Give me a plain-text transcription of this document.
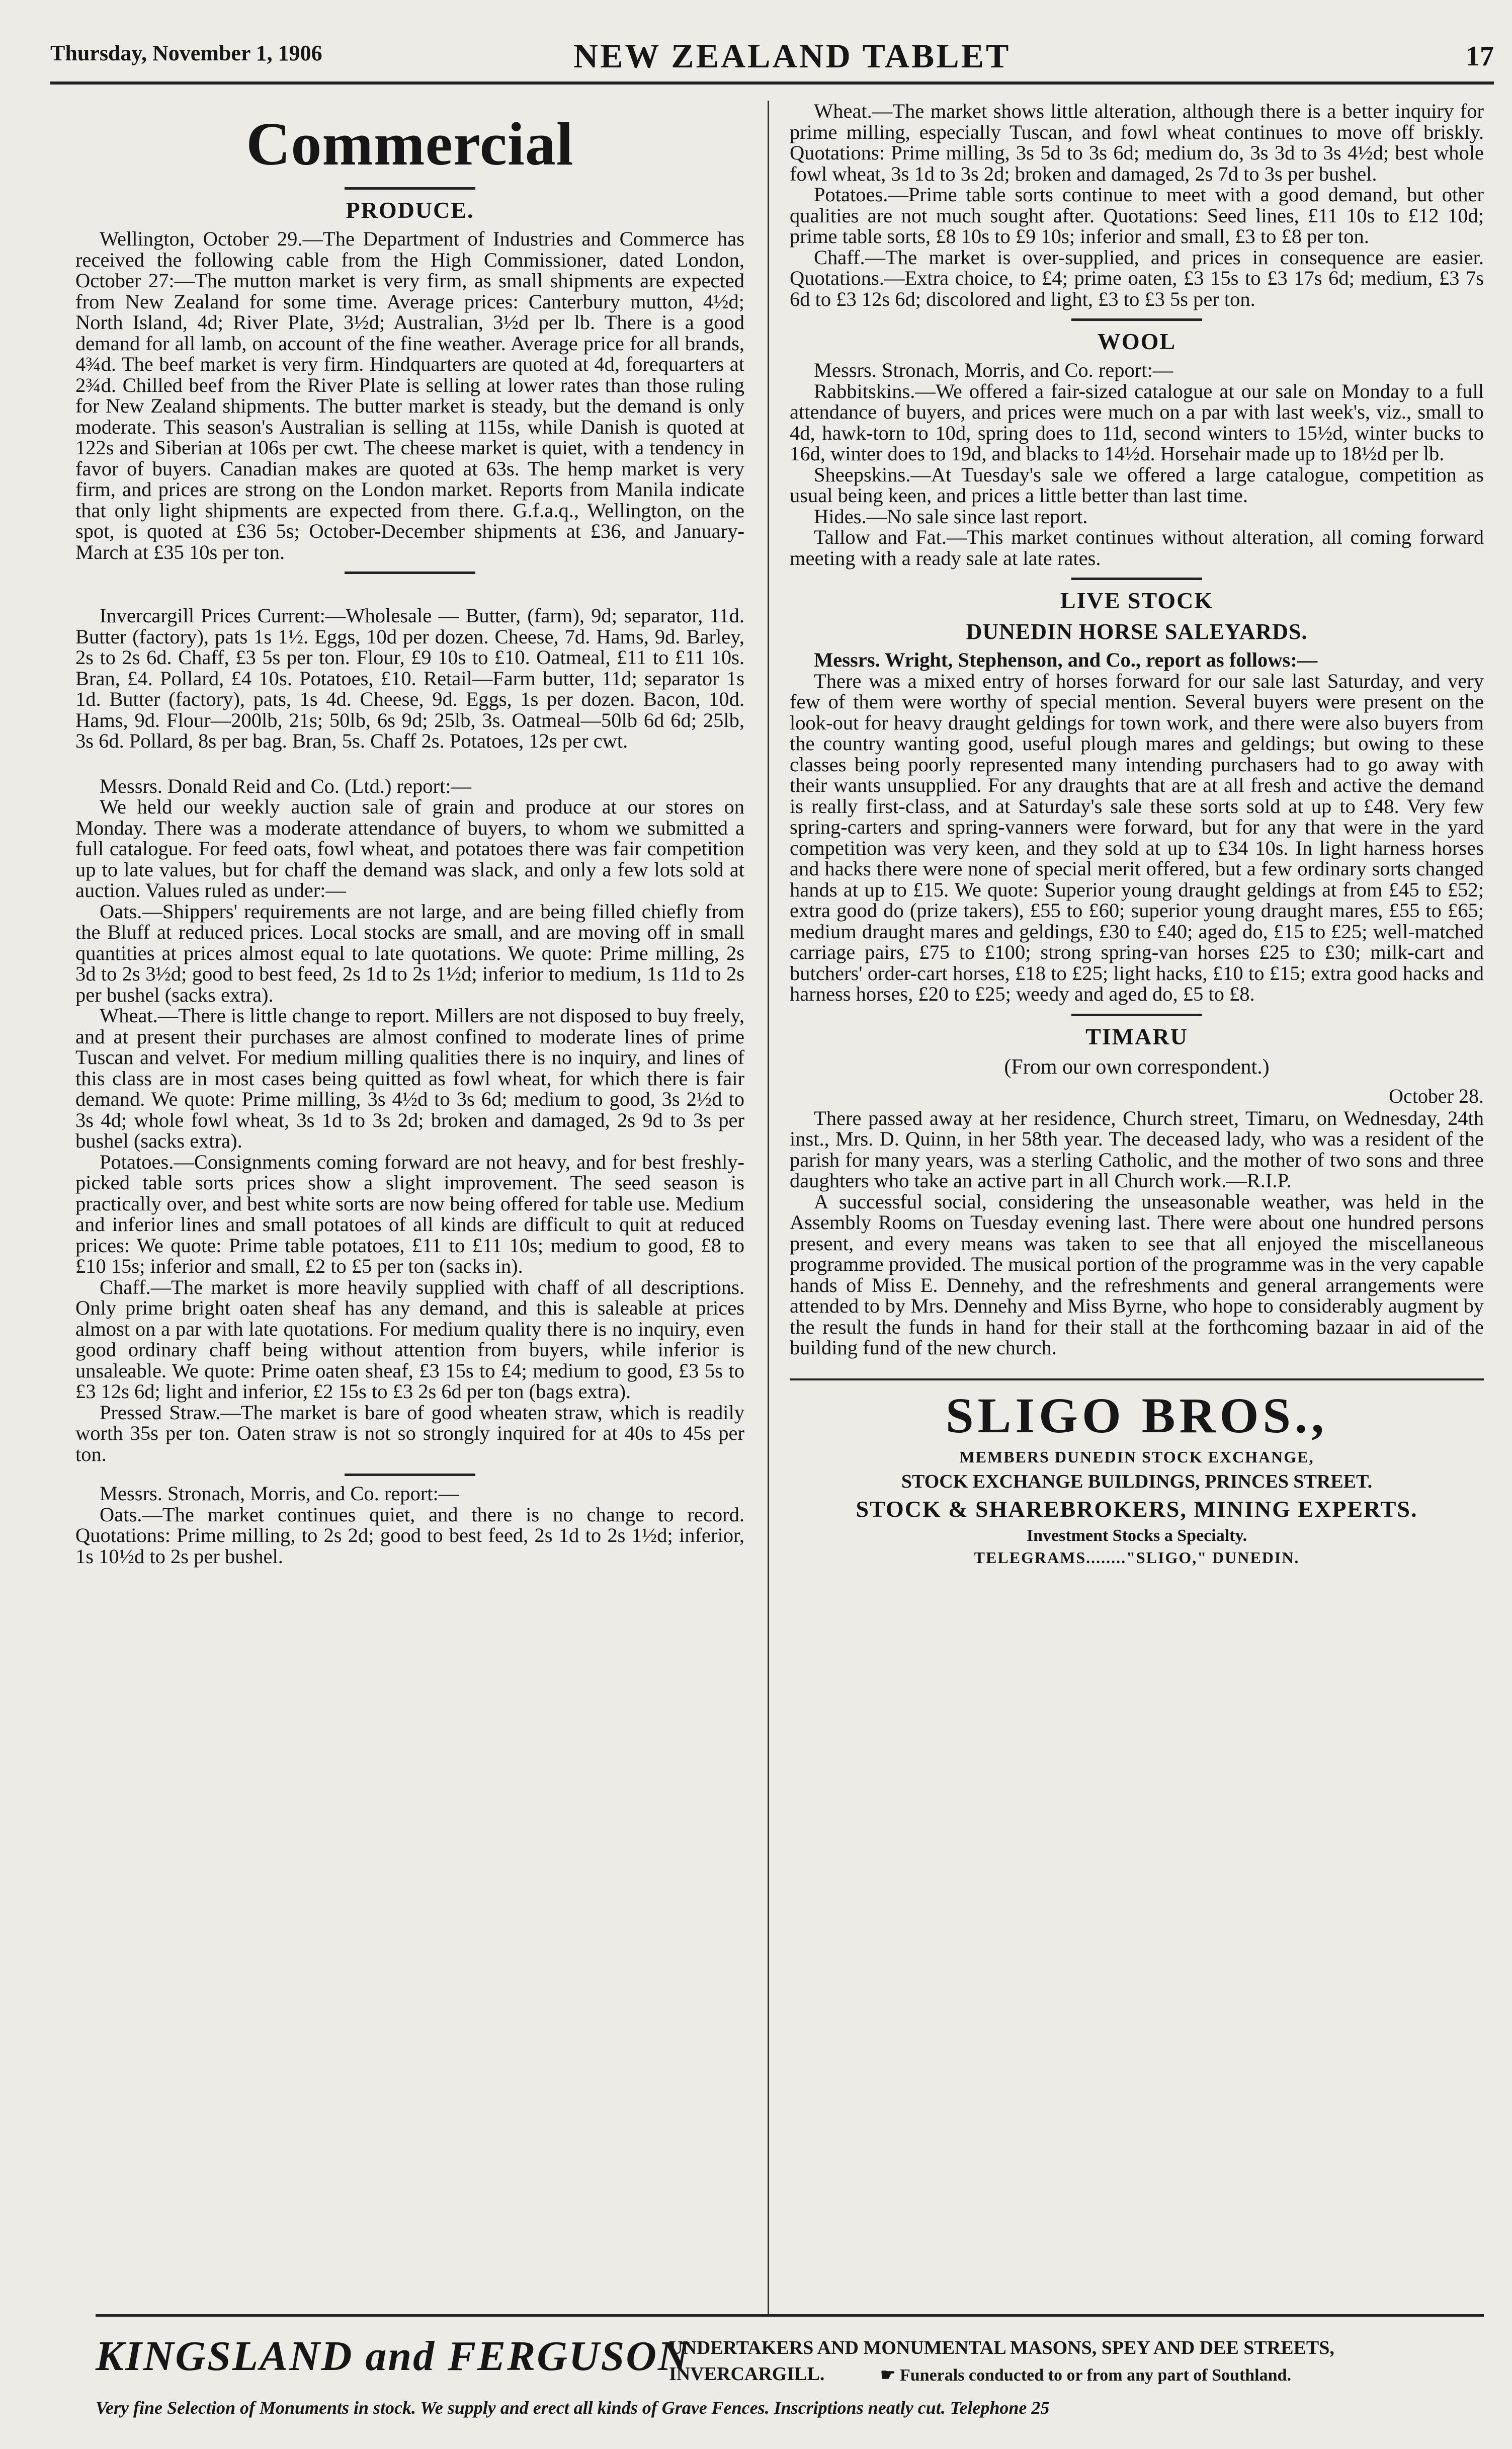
Thursday, November 1, 1906	NEW ZEALAND TABLET	17
Commercial
PRODUCE.

Wellington, October 29.—The Department of Industries and Commerce has received the following cable from the High Commissioner, dated London, October 27:—The mutton market is very firm, as small shipments are expected from New Zealand for some time. Average prices: Canterbury mutton, 4½d; North Island, 4d; River Plate, 3½d; Australian, 3½d per lb. There is a good demand for all lamb, on account of the fine weather. Average price for all brands, 4¾d. The beef market is very firm. Hindquarters are quoted at 4d, forequarters at 2¾d. Chilled beef from the River Plate is selling at lower rates than those ruling for New Zealand shipments. The butter market is steady, but the demand is only moderate. This season's Australian is selling at 115s, while Danish is quoted at 122s and Siberian at 106s per cwt. The cheese market is quiet, with a tendency in favor of buyers. Canadian makes are quoted at 63s. The hemp market is very firm, and prices are strong on the London market. Reports from Manila indicate that only light shipments are expected from there. G.f.a.q., Wellington, on the spot, is quoted at £36 5s; October-December shipments at £36, and January-March at £35 10s per ton.

Invercargill Prices Current:—Wholesale — Butter, (farm), 9d; separator, 11d. Butter (factory), pats 1s 1½. Eggs, 10d per dozen. Cheese, 7d. Hams, 9d. Barley, 2s to 2s 6d. Chaff, £3 5s per ton. Flour, £9 10s to £10. Oatmeal, £11 to £11 10s. Bran, £4. Pollard, £4 10s. Potatoes, £10. Retail—Farm butter, 11d; separator 1s 1d. Butter (factory), pats, 1s 4d. Cheese, 9d. Eggs, 1s per dozen. Bacon, 10d. Hams, 9d. Flour—200lb, 21s; 50lb, 6s 9d; 25lb, 3s. Oatmeal—50lb 6d 6d; 25lb, 3s 6d. Pollard, 8s per bag. Bran, 5s. Chaff 2s. Potatoes, 12s per cwt.

Messrs. Donald Reid and Co. (Ltd.) report:—

We held our weekly auction sale of grain and produce at our stores on Monday. There was a moderate attendance of buyers, to whom we submitted a full catalogue. For feed oats, fowl wheat, and potatoes there was fair competition up to late values, but for chaff the demand was slack, and only a few lots sold at auction. Values ruled as under:—

Oats.—Shippers' requirements are not large, and are being filled chiefly from the Bluff at reduced prices. Local stocks are small, and are moving off in small quantities at prices almost equal to late quotations. We quote: Prime milling, 2s 3d to 2s 3½d; good to best feed, 2s 1d to 2s 1½d; inferior to medium, 1s 11d to 2s per bushel (sacks extra).

Wheat.—There is little change to report. Millers are not disposed to buy freely, and at present their purchases are almost confined to moderate lines of prime Tuscan and velvet. For medium milling qualities there is no inquiry, and lines of this class are in most cases being quitted as fowl wheat, for which there is fair demand. We quote: Prime milling, 3s 4½d to 3s 6d; medium to good, 3s 2½d to 3s 4d; whole fowl wheat, 3s 1d to 3s 2d; broken and damaged, 2s 9d to 3s per bushel (sacks extra).

Potatoes.—Consignments coming forward are not heavy, and for best freshly-picked table sorts prices show a slight improvement. The seed season is practically over, and best white sorts are now being offered for table use. Medium and inferior lines and small potatoes of all kinds are difficult to quit at reduced prices: We quote: Prime table potatoes, £11 to £11 10s; medium to good, £8 to £10 15s; inferior and small, £2 to £5 per ton (sacks in).

Chaff.—The market is more heavily supplied with chaff of all descriptions. Only prime bright oaten sheaf has any demand, and this is saleable at prices almost on a par with late quotations. For medium quality there is no inquiry, even good ordinary chaff being without attention from buyers, while inferior is unsaleable. We quote: Prime oaten sheaf, £3 15s to £4; medium to good, £3 5s to £3 12s 6d; light and inferior, £2 15s to £3 2s 6d per ton (bags extra).

Pressed Straw.—The market is bare of good wheaten straw, which is readily worth 35s per ton. Oaten straw is not so strongly inquired for at 40s to 45s per ton.

Messrs. Stronach, Morris, and Co. report:—

Oats.—The market continues quiet, and there is no change to record. Quotations: Prime milling, to 2s 2d; good to best feed, 2s 1d to 2s 1½d; inferior, 1s 10½d to 2s per bushel.

Wheat.—The market shows little alteration, although there is a better inquiry for prime milling, especially Tuscan, and fowl wheat continues to move off briskly. Quotations: Prime milling, 3s 5d to 3s 6d; medium do, 3s 3d to 3s 4½d; best whole fowl wheat, 3s 1d to 3s 2d; broken and damaged, 2s 7d to 3s per bushel.

Potatoes.—Prime table sorts continue to meet with a good demand, but other qualities are not much sought after. Quotations: Seed lines, £11 10s to £12 10d; prime table sorts, £8 10s to £9 10s; inferior and small, £3 to £8 per ton.

Chaff.—The market is over-supplied, and prices in consequence are easier. Quotations.—Extra choice, to £4; prime oaten, £3 15s to £3 17s 6d; medium, £3 7s 6d to £3 12s 6d; discolored and light, £3 to £3 5s per ton.

WOOL

Messrs. Stronach, Morris, and Co. report:—

Rabbitskins.—We offered a fair-sized catalogue at our sale on Monday to a full attendance of buyers, and prices were much on a par with last week's, viz., small to 4d, hawk-torn to 10d, spring does to 11d, second winters to 15½d, winter bucks to 16d, winter does to 19d, and blacks to 14½d. Horsehair made up to 18½d per lb.

Sheepskins.—At Tuesday's sale we offered a large catalogue, competition as usual being keen, and prices a little better than last time.

Hides.—No sale since last report.

Tallow and Fat.—This market continues without alteration, all coming forward meeting with a ready sale at late rates.

LIVE STOCK
DUNEDIN HORSE SALEYARDS.

Messrs. Wright, Stephenson, and Co., report as follows:—

There was a mixed entry of horses forward for our sale last Saturday, and very few of them were worthy of special mention. Several buyers were present on the look-out for heavy draught geldings for town work, and there were also buyers from the country wanting good, useful plough mares and geldings; but owing to these classes being poorly represented many intending purchasers had to go away with their wants unsupplied. For any draughts that are at all fresh and active the demand is really first-class, and at Saturday's sale these sorts sold at up to £48. Very few spring-carters and spring-vanners were forward, but for any that were in the yard competition was very keen, and they sold at up to £34 10s. In light harness horses and hacks there were none of special merit offered, but a few ordinary sorts changed hands at up to £15. We quote: Superior young draught geldings at from £45 to £52; extra good do (prize takers), £55 to £60; superior young draught mares, £55 to £65; medium draught mares and geldings, £30 to £40; aged do, £15 to £25; well-matched carriage pairs, £75 to £100; strong spring-van horses £25 to £30; milk-cart and butchers' order-cart horses, £18 to £25; light hacks, £10 to £15; extra good hacks and harness horses, £20 to £25; weedy and aged do, £5 to £8.

TIMARU
(From our own correspondent.)
October 28.

There passed away at her residence, Church street, Timaru, on Wednesday, 24th inst., Mrs. D. Quinn, in her 58th year. The deceased lady, who was a resident of the parish for many years, was a sterling Catholic, and the mother of two sons and three daughters who take an active part in all Church work.—R.I.P.

A successful social, considering the unseasonable weather, was held in the Assembly Rooms on Tuesday evening last. There were about one hundred persons present, and every means was taken to see that all enjoyed the miscellaneous programme provided. The musical portion of the programme was in the very capable hands of Miss E. Dennehy, and the refreshments and general arrangements were attended to by Mrs. Dennehy and Miss Byrne, who hope to considerably augment by the result the funds in hand for their stall at the forthcoming bazaar in aid of the building fund of the new church.

SLIGO BROS.,
MEMBERS DUNEDIN STOCK EXCHANGE,
STOCK EXCHANGE BUILDINGS, PRINCES STREET.
STOCK & SHAREBROKERS, MINING EXPERTS.
Investment Stocks a Specialty.
TELEGRAMS........"SLIGO," DUNEDIN.
KINGSLAND and FERGUSON
UNDERTAKERS AND MONUMENTAL MASONS, SPEY AND DEE STREETS,
INVERCARGILL.	☛ Funerals conducted to or from any part of Southland.
Very fine Selection of Monuments in stock. We supply and erect all kinds of Grave Fences. Inscriptions neatly cut. Telephone 25
